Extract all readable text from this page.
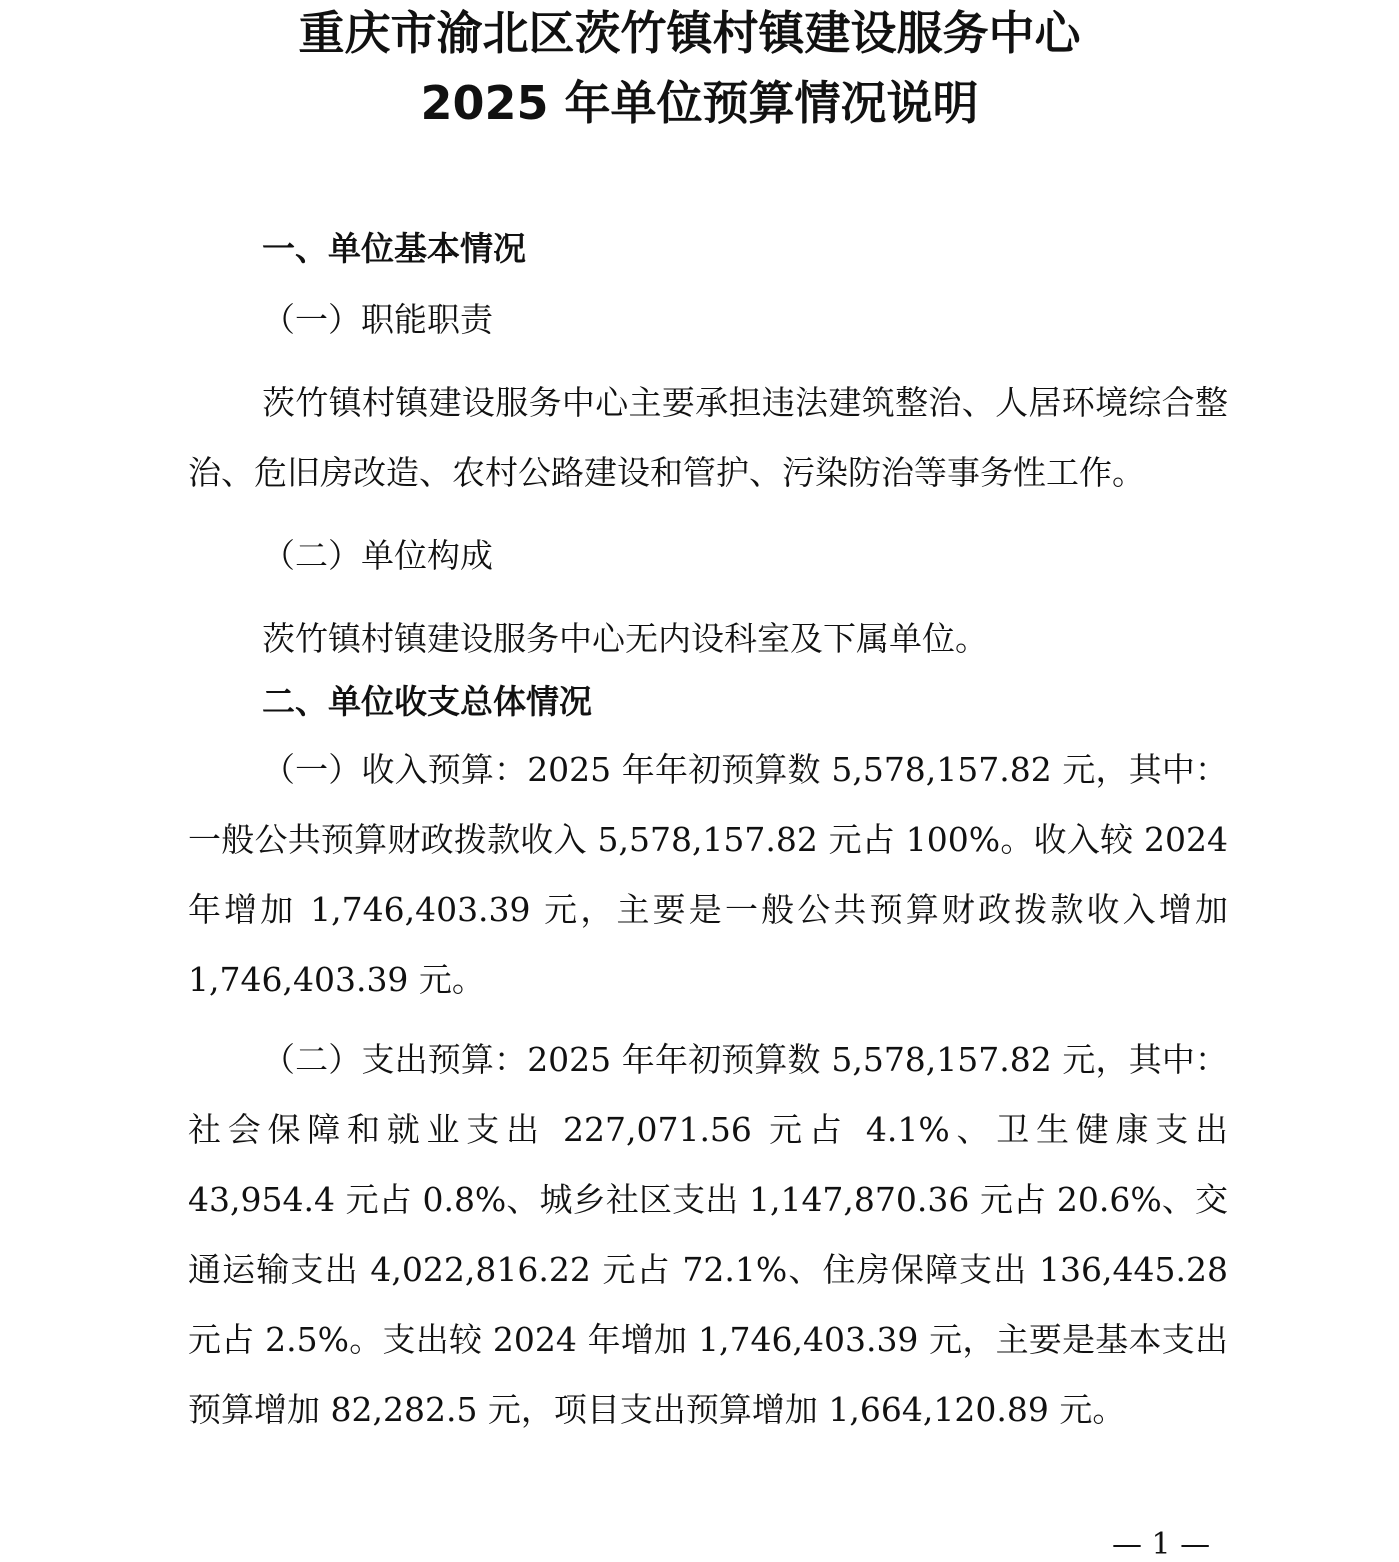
重庆市渝北区茨竹镇村镇建设服务中心
2025 年单位预算情况说明
一、单位基本情况
（一）职能职责

茨竹镇村镇建设服务中心主要承担违法建筑整治、人居环境综合整治、危旧房改造、农村公路建设和管护、污染防治等事务性工作。

（二）单位构成

茨竹镇村镇建设服务中心无内设科室及下属单位。

二、单位收支总体情况

（一）收入预算：2025 年年初预算数 5,578,157.82 元，其中：一般公共预算财政拨款收入 5,578,157.82 元占 100%。收入较 2024 年增加 1,746,403.39 元，主要是一般公共预算财政拨款收入增加 1,746,403.39 元。

（二）支出预算：2025 年年初预算数 5,578,157.82 元，其中：社会保障和就业支出 227,071.56 元占 4.1%、卫生健康支出 43,954.4 元占 0.8%、城乡社区支出 1,147,870.36 元占 20.6%、交通运输支出 4,022,816.22 元占 72.1%、住房保障支出 136,445.28 元占 2.5%。支出较 2024 年增加 1,746,403.39 元，主要是基本支出预算增加 82,282.5 元，项目支出预算增加 1,664,120.89 元。

— 1 —
